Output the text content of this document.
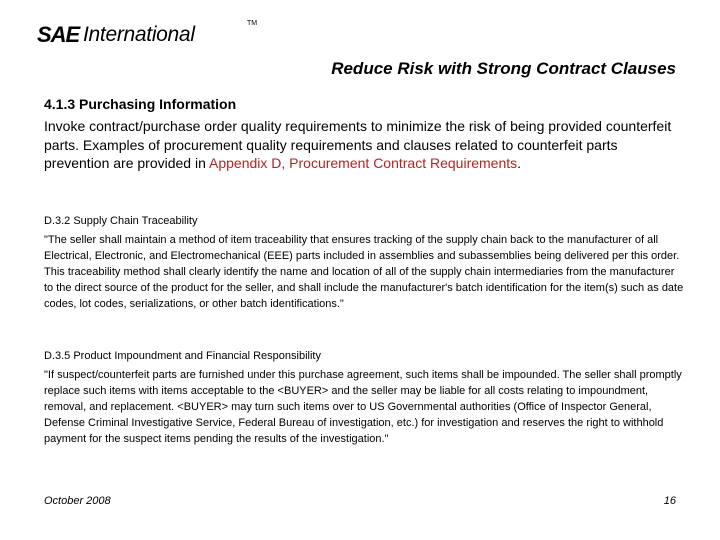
SAE International	TM
Reduce Risk with Strong Contract Clauses
4.1.3 Purchasing Information
Invoke contract/purchase order quality requirements to minimize the risk of being provided counterfeit parts. Examples of procurement quality requirements and clauses related to counterfeit parts prevention are provided in Appendix D, Procurement Contract Requirements.
D.3.2 Supply Chain Traceability
"The seller shall maintain a method of item traceability that ensures tracking of the supply chain back to the manufacturer of all Electrical, Electronic, and Electromechanical (EEE) parts included in assemblies and subassemblies being delivered per this order. This traceability method shall clearly identify the name and location of all of the supply chain intermediaries from the manufacturer to the direct source of the product for the seller, and shall include the manufacturer's batch identification for the item(s) such as date codes, lot codes, serializations, or other batch identifications."
D.3.5 Product Impoundment and Financial Responsibility
"If suspect/counterfeit parts are furnished under this purchase agreement, such items shall be impounded. The seller shall promptly replace such items with items acceptable to the <BUYER> and the seller may be liable for all costs relating to impoundment, removal, and replacement. <BUYER> may turn such items over to US Governmental authorities (Office of Inspector General, Defense Criminal Investigative Service, Federal Bureau of investigation, etc.) for investigation and reserves the right to withhold payment for the suspect items pending the results of the investigation."
October 2008	16
